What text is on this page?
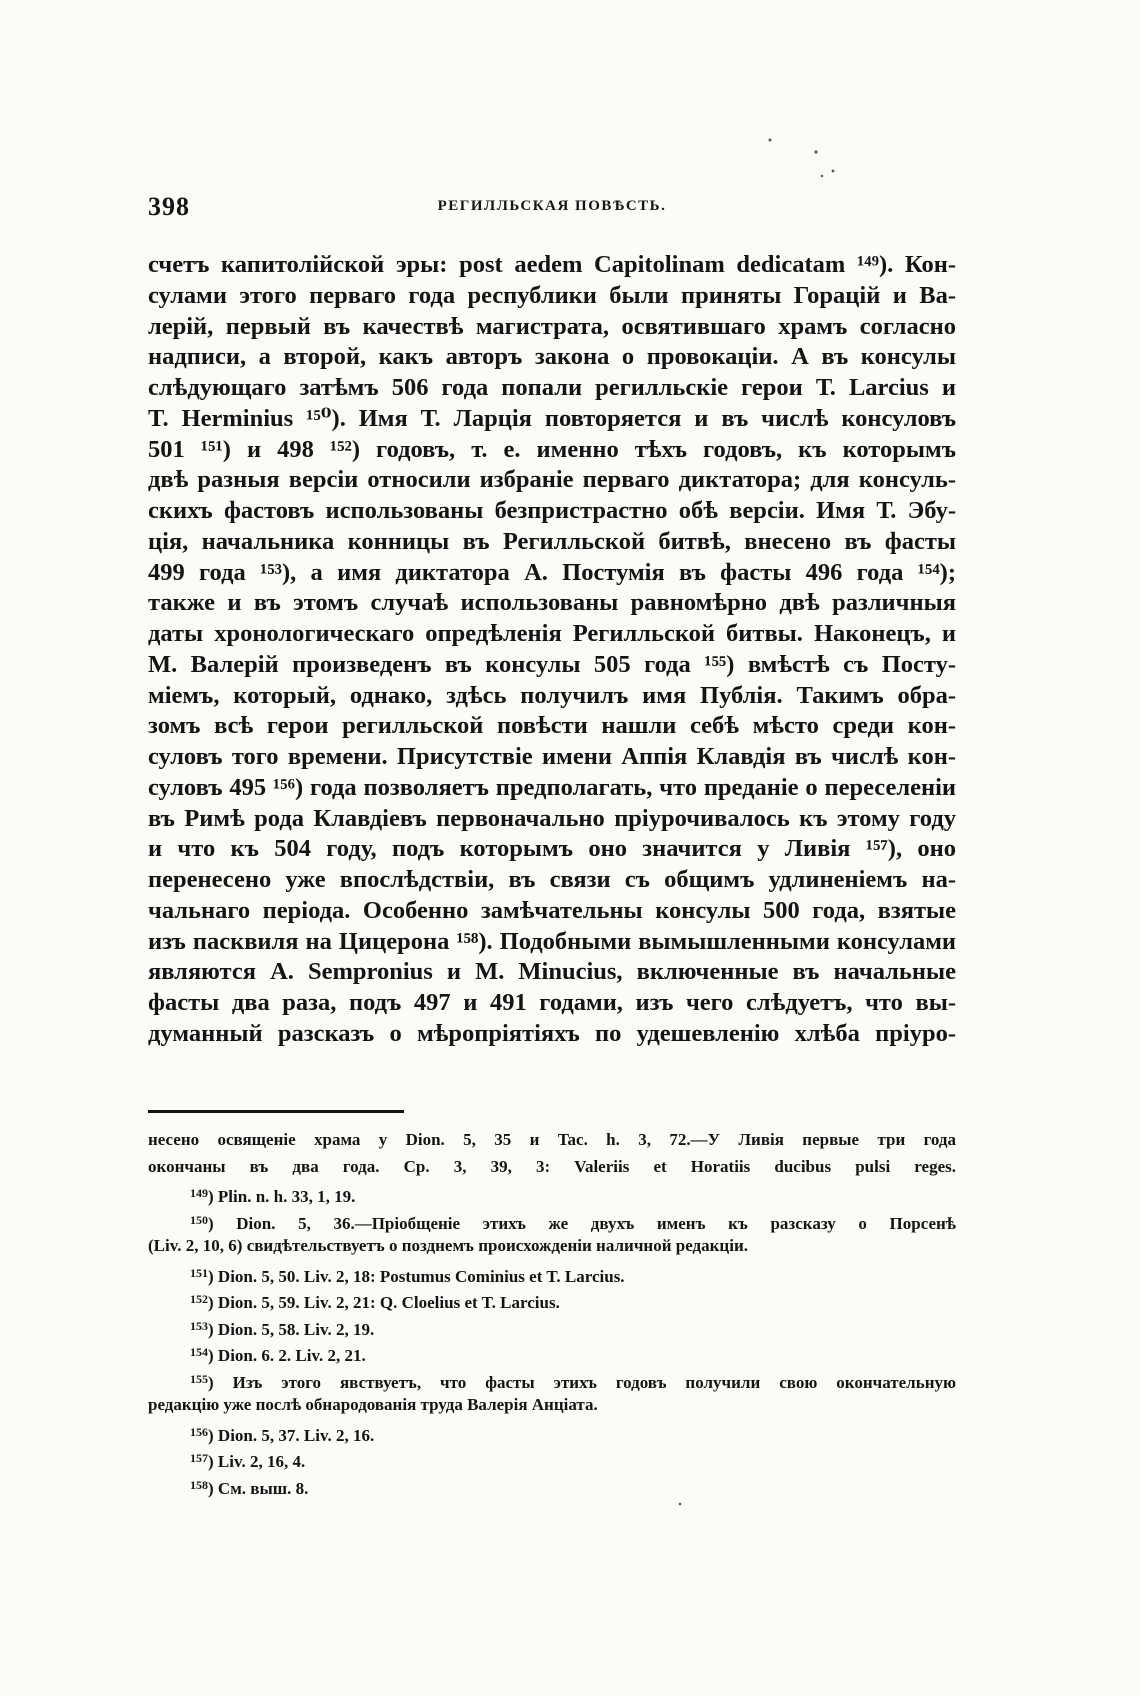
398	РЕГИЛЛЬСКАЯ ПОВѢСТЬ.
счетъ капитолійской эры: post aedem Capitolinam dedicatam ¹⁴⁹). Кон-
сулами этого перваго года республики были приняты Горацій и Ва-
лерій, первый въ качествѣ магистрата, освятившаго храмъ согласно
надписи, а второй, какъ авторъ закона о провокаціи. А въ консулы
слѣдующаго затѣмъ 506 года попали регилльскіе герои Т. Larcius и
T. Herminius ¹⁵⁰). Имя Т. Ларція повторяется и въ числѣ консуловъ
501 ¹⁵¹) и 498 ¹⁵²) годовъ, т. е. именно тѣхъ годовъ, къ которымъ
двѣ разныя версіи относили избраніе перваго диктатора; для консуль-
скихъ фастовъ использованы безпристрастно обѣ версіи. Имя Т. Эбу-
ція, начальника конницы въ Регилльской битвѣ, внесено въ фасты
499 года ¹⁵³), а имя диктатора А. Постумія въ фасты 496 года ¹⁵⁴);
также и въ этомъ случаѣ использованы равномѣрно двѣ различныя
даты хронологическаго опредѣленія Регилльской битвы. Наконецъ, и
М. Валерій произведенъ въ консулы 505 года ¹⁵⁵) вмѣстѣ съ Посту-
міемъ, который, однако, здѣсь получилъ имя Публія. Такимъ обра-
зомъ всѣ герои регилльской повѣсти нашли себѣ мѣсто среди кон-
суловъ того времени. Присутствіе имени Аппія Клавдія въ числѣ кон-
суловъ 495 ¹⁵⁶) года позволяетъ предполагать, что преданіе о переселеніи
въ Римѣ рода Клавдіевъ первоначально пріурочивалось къ этому году
и что къ 504 году, подъ которымъ оно значится у Ливія ¹⁵⁷), оно
перенесено уже впослѣдствіи, въ связи съ общимъ удлиненіемъ на-
чальнаго періода. Особенно замѣчательны консулы 500 года, взятые
изъ пасквиля на Цицерона ¹⁵⁸). Подобными вымышленными консулами
являются А. Sempronius и М. Minucius, включенные въ начальные
фасты два раза, подъ 497 и 491 годами, изъ чего слѣдуетъ, что вы-
думанный разсказъ о мѣропріятіяхъ по удешевленію хлѣба пріуро-
несено освященіе храма у Dion. 5, 35 и Tac. h. 3, 72.—У Ливія первые три года
окончаны въ два года. Ср. 3, 39, 3: Valeriis et Horatiis ducibus pulsi reges.
$^{149}$) Plin. n. h. 33, 1, 19.
$^{150}$) Dion. 5, 36.—Пріобщеніе этихъ же двухъ именъ къ разсказу о Порсенѣ
(Liv. 2, 10, 6) свидѣтельствуетъ о позднемъ происхожденіи наличной редакціи.
$^{151}$) Dion. 5, 50. Liv. 2, 18: Postumus Cominius et T. Larcius.
$^{152}$) Dion. 5, 59. Liv. 2, 21: Q. Cloelius et T. Larcius.
$^{153}$) Dion. 5, 58. Liv. 2, 19.
$^{154}$) Dion. 6. 2. Liv. 2, 21.
$^{155}$) Изъ этого явствуетъ, что фасты этихъ годовъ получили свою окончательную
редакцію уже послѣ обнародованія труда Валерія Анціата.
$^{156}$) Dion. 5, 37. Liv. 2, 16.
$^{157}$) Liv. 2, 16, 4.
$^{158}$) См. выш. 8.
